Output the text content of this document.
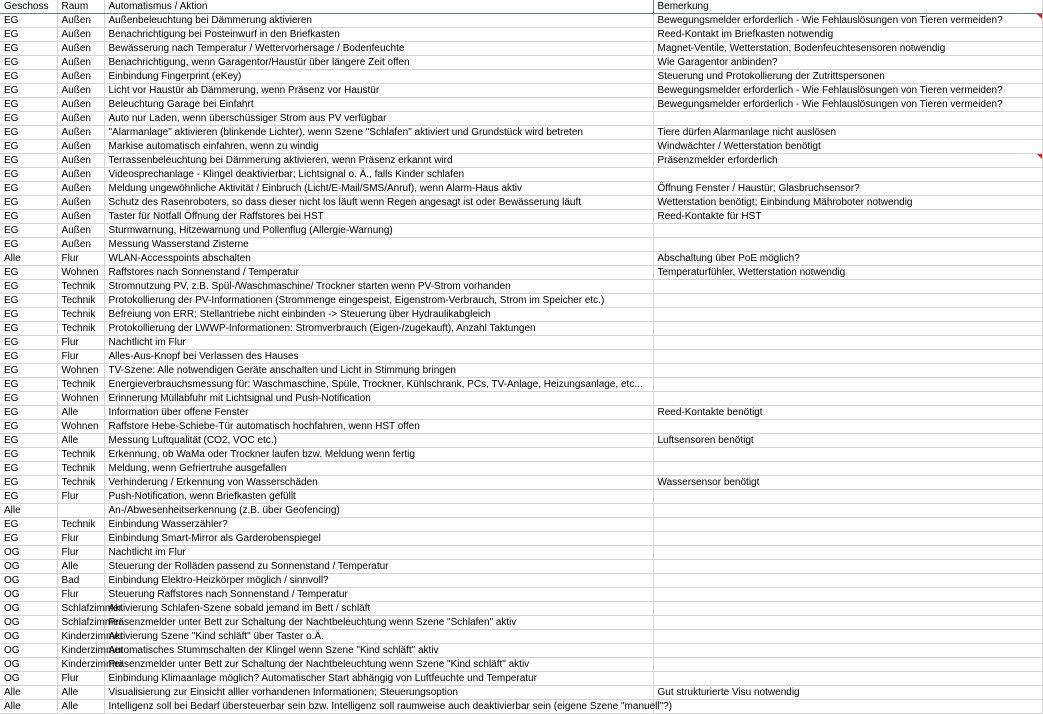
Geschoss	Raum	Automatismus / Aktion	Bemerkung
EG	Außen	Außenbeleuchtung bei Dämmerung aktivieren	Bewegungsmelder erforderlich - Wie Fehlauslösungen von Tieren vermeiden?

EG	Außen	Benachrichtigung bei Posteinwurf in den Briefkasten	Reed-Kontakt im Briefkasten notwendig
EG	Außen	Bewässerung nach Temperatur / Wettervorhersage / Bodenfeuchte	Magnet-Ventile, Wetterstation, Bodenfeuchtesensoren notwendig
EG	Außen	Benachrichtigung, wenn Garagentor/Haustür über längere Zeit offen	Wie Garagentor anbinden?
EG	Außen	Einbindung Fingerprint (eKey)	Steuerung und Protokollierung der Zutrittspersonen
EG	Außen	Licht vor Haustür ab Dämmerung, wenn Präsenz vor Haustür	Bewegungsmelder erforderlich - Wie Fehlauslösungen von Tieren vermeiden?
EG	Außen	Beleuchtung Garage bei Einfahrt	Bewegungsmelder erforderlich - Wie Fehlauslösungen von Tieren vermeiden?
EG	Außen	Auto nur Laden, wenn überschüssiger Strom aus PV verfügbar	
EG	Außen	"Alarmanlage" aktivieren (blinkende Lichter), wenn Szene "Schlafen" aktiviert und Grundstück wird betreten	Tiere dürfen Alarmanlage nicht auslösen
EG	Außen	Markise automatisch einfahren, wenn zu windig	Windwächter / Wetterstation benötigt
EG	Außen	Terrassenbeleuchtung bei Dämmerung aktivieren, wenn Präsenz erkannt wird	Präsenzmelder erforderlich

EG	Außen	Videosprechanlage - Klingel deaktivierbar; Lichtsignal o. Ä., falls Kinder schlafen	
EG	Außen	Meldung ungewöhnliche Aktivität / Einbruch (Licht/E-Mail/SMS/Anruf), wenn Alarm-Haus aktiv	Öffnung Fenster / Haustür; Glasbruchsensor?
EG	Außen	Schutz des Rasenroboters, so dass dieser nicht los läuft wenn Regen angesagt ist oder Bewässerung läuft	Wetterstation benötigt; Einbindung Mähroboter notwendig
EG	Außen	Taster für Notfall Öffnung der Raffstores bei HST	Reed-Kontakte für HST
EG	Außen	Sturmwarnung, Hitzewarnung und Pollenflug (Allergie-Warnung)	
EG	Außen	Messung Wasserstand Zisterne	
Alle	Flur	WLAN-Accesspoints abschalten	Abschaltung über PoE möglich?
EG	Wohnen	Raffstores nach Sonnenstand / Temperatur	Temperaturfühler, Wetterstation notwendig
EG	Technik	Stromnutzung PV, z.B. Spül-/Waschmaschine/ Trockner starten wenn PV-Strom vorhanden	
EG	Technik	Protokollierung der PV-Informationen (Strommenge eingespeist, Eigenstrom-Verbrauch, Strom im Speicher etc.)	
EG	Technik	Befreiung von ERR; Stellantriebe nicht einbinden -> Steuerung über Hydraulikabgleich	
EG	Technik	Protokollierung der LWWP-Informationen: Stromverbrauch (Eigen-/zugekauft), Anzahl Taktungen	
EG	Flur	Nachtlicht im Flur	
EG	Flur	Alles-Aus-Knopf bei Verlassen des Hauses	
EG	Wohnen	TV-Szene: Alle notwendigen Geräte anschalten und Licht in Stimmung bringen	
EG	Technik	Energieverbrauchsmessung für: Waschmaschine, Spüle, Trockner, Kühlschrank, PCs, TV-Anlage, Heizungsanlage, etc...	
EG	Wohnen	Erinnerung Müllabfuhr mit Lichtsignal und Push-Notification	
EG	Alle	Information über offene Fenster	Reed-Kontakte benötigt
EG	Wohnen	Raffstore Hebe-Schiebe-Tür automatisch hochfahren, wenn HST offen	
EG	Alle	Messung Luftqualität (CO2, VOC etc.)	Luftsensoren benötigt
EG	Technik	Erkennung, ob WaMa oder Trockner laufen bzw. Meldung wenn fertig	
EG	Technik	Meldung, wenn Gefriertruhe ausgefallen	
EG	Technik	Verhinderung / Erkennung von Wasserschäden	Wassersensor benötigt
EG	Flur	Push-Notification, wenn Briefkasten gefüllt	
Alle		An-/Abwesenheitserkennung (z.B. über Geofencing)	
EG	Technik	Einbindung Wasserzähler?	
EG	Flur	Einbindung Smart-Mirror als Garderobenspiegel	
OG	Flur	Nachtlicht im Flur	
OG	Alle	Steuerung der Rolläden passend zu Sonnenstand / Temperatur	
OG	Bad	Einbindung Elektro-Heizkörper möglich / sinnvoll?	
OG	Flur	Steuerung Raffstores nach Sonnenstand / Temperatur	
OG	Schlafzimmer	Aktivierung Schlafen-Szene sobald jemand im Bett / schläft	
OG	Schlafzimmer	Präsenzmelder unter Bett zur Schaltung der Nachtbeleuchtung wenn Szene "Schlafen" aktiv	
OG	Kinderzimmer	Aktivierung Szene "Kind schläft" über Taster o.Ä.	
OG	Kinderzimmer	Automatisches Stummschalten der Klingel wenn Szene "Kind schläft" aktiv	
OG	Kinderzimmer	Präsenzmelder unter Bett zur Schaltung der Nachtbeleuchtung wenn Szene "Kind schläft" aktiv	
OG	Flur	Einbindung Klimaanlage möglich? Automatischer Start abhängig von Luftfeuchte und Temperatur	
Alle	Alle	Visualisierung zur Einsicht alller vorhandenen Informationen; Steuerungsoption	Gut strukturierte Visu notwendig
Alle	Alle	Intelligenz soll bei Bedarf übersteuerbar sein bzw. Intelligenz soll raumweise auch deaktivierbar sein (eigene Szene "manuell"?)	
